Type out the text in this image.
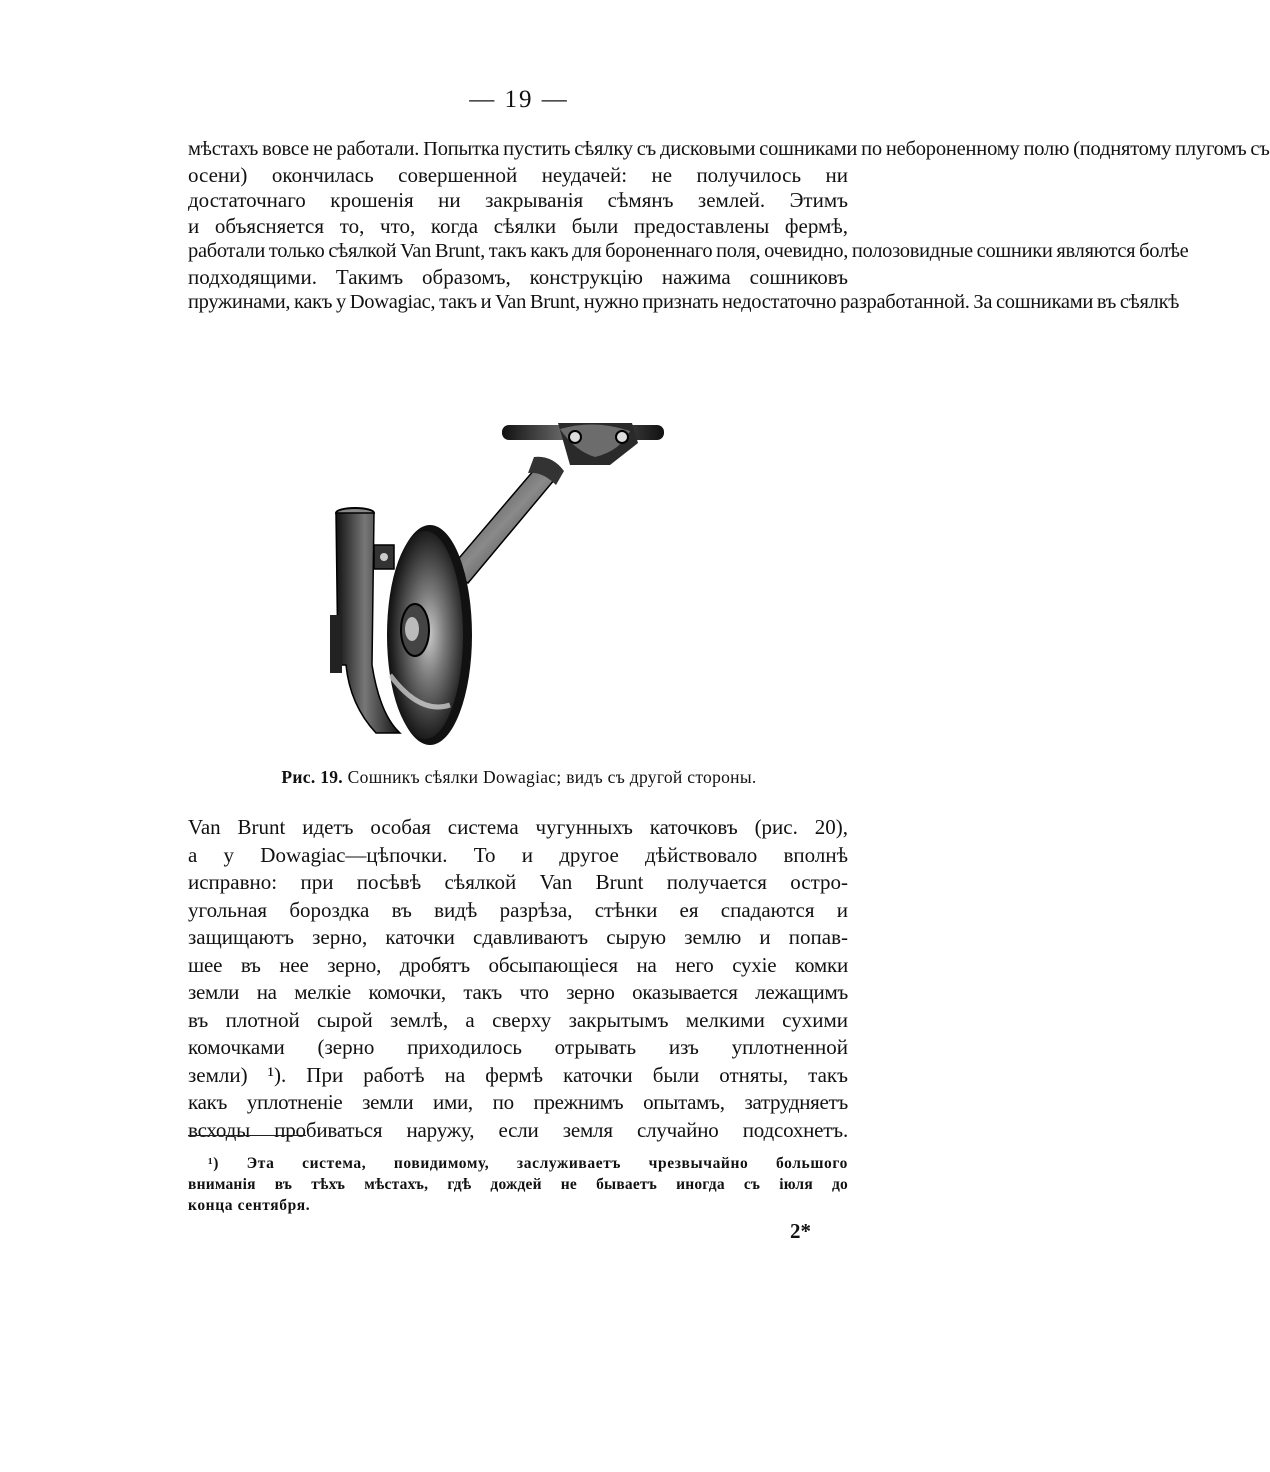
— 19 —
мѣстахъ вовсе не работали. Попытка пустить сѣялку съ дисковыми сошниками по небороненному полю (поднятому плугомъ съ
осени) окончилась совершенной неудачей: не получилось ни
достаточнаго крошенія ни закрыванія сѣмянъ землей. Этимъ
и объясняется то, что, когда сѣялки были предоставлены фермѣ,
работали только сѣялкой Van Brunt, такъ какъ для бороненнаго поля, очевидно, полозовидные сошники являются болѣе
подходящими. Такимъ образомъ, конструкцію нажима сошниковъ
пружинами, какъ у Dowagiac, такъ и Van Brunt, нужно признать недостаточно разработанной. За сошниками въ сѣялкѣ
Рис. 19. Сошникъ сѣялки Dowagiac; видъ съ другой стороны.
Van Brunt идетъ особая система чугунныхъ каточковъ (рис. 20),
а у Dowagiac—цѣпочки. То и другое дѣйствовало вполнѣ
исправно: при посѣвѣ сѣялкой Van Brunt получается остро-
угольная бороздка въ видѣ разрѣза, стѣнки ея спадаются и
защищаютъ зерно, каточки сдавливаютъ сырую землю и попав-
шее въ нее зерно, дробятъ обсыпающіеся на него сухіе комки
земли на мелкіе комочки, такъ что зерно оказывается лежащимъ
въ плотной сырой землѣ, а сверху закрытымъ мелкими сухими
комочками (зерно приходилось отрывать изъ уплотненной
земли) ¹). При работѣ на фермѣ каточки были отняты, такъ
какъ уплотненіе земли ими, по прежнимъ опытамъ, затрудняетъ
всходы пробиваться наружу, если земля случайно подсохнетъ.
¹) Эта система, повидимому, заслуживаетъ чрезвычайно большого
вниманія въ тѣхъ мѣстахъ, гдѣ дождей не бываетъ иногда съ іюля до
конца сентября.
2*
